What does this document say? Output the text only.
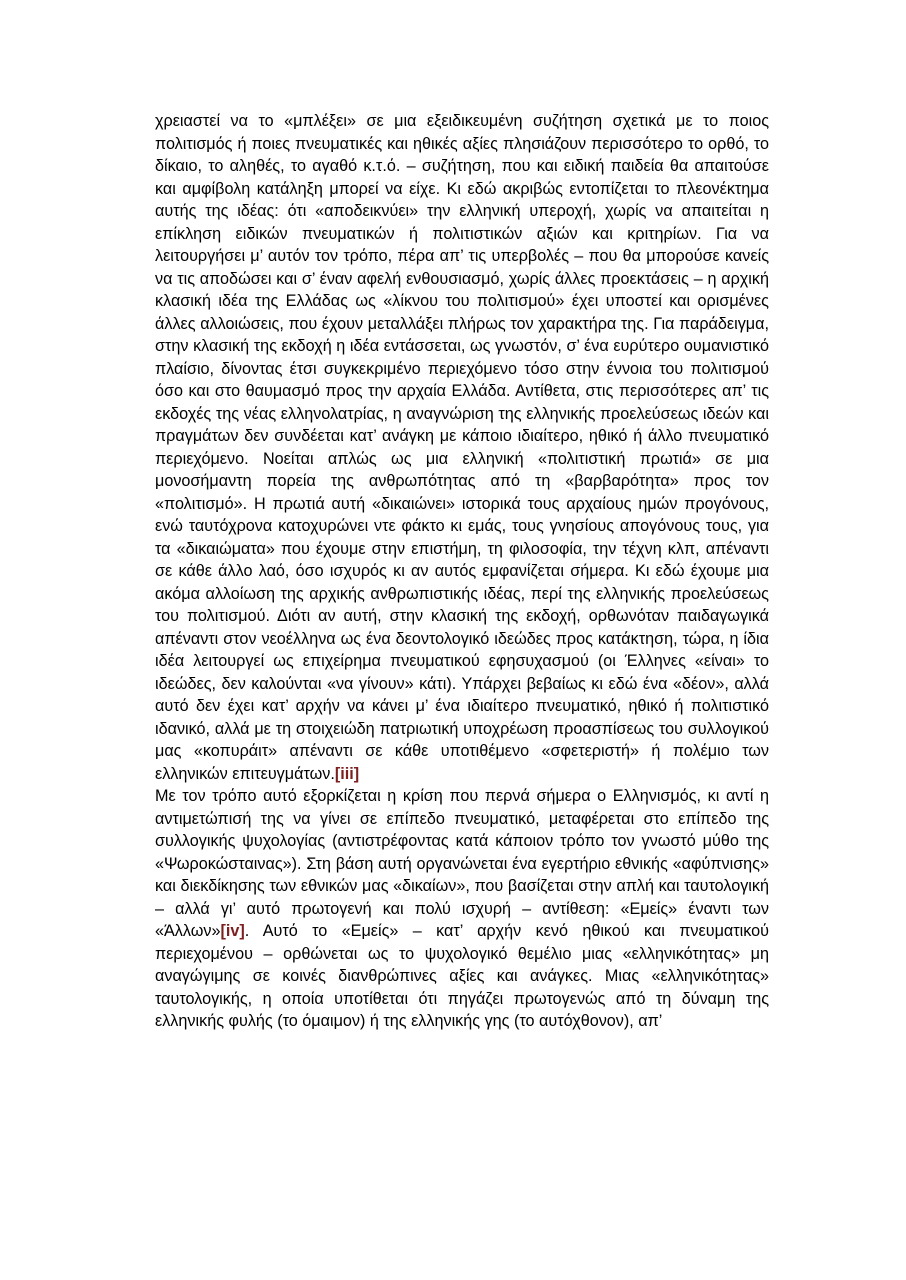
χρειαστεί να το «μπλέξει» σε μια εξειδικευμένη συζήτηση σχετικά με το ποιος πολιτισμός ή ποιες πνευματικές και ηθικές αξίες πλησιάζουν περισσότερο το ορθό, το δίκαιο, το αληθές, το αγαθό κ.τ.ό. – συζήτηση, που και ειδική παιδεία θα απαιτούσε και αμφίβολη κατάληξη μπορεί να είχε. Κι εδώ ακριβώς εντοπίζεται το πλεονέκτημα αυτής της ιδέας: ότι «αποδεικνύει» την ελληνική υπεροχή, χωρίς να απαιτείται η επίκληση ειδικών πνευματικών ή πολιτιστικών αξιών και κριτηρίων. Για να λειτουργήσει μ’ αυτόν τον τρόπο, πέρα απ’ τις υπερβολές – που θα μπορούσε κανείς να τις αποδώσει και σ’ έναν αφελή ενθουσιασμό, χωρίς άλλες προεκτάσεις – η αρχική κλασική ιδέα της Ελλάδας ως «λίκνου του πολιτισμού» έχει υποστεί και ορισμένες άλλες αλλοιώσεις, που έχουν μεταλλάξει πλήρως τον χαρακτήρα της. Για παράδειγμα, στην κλασική της εκδοχή η ιδέα εντάσσεται, ως γνωστόν, σ’ ένα ευρύτερο ουμανιστικό πλαίσιο, δίνοντας έτσι συγκεκριμένο περιεχόμενο τόσο στην έννοια του πολιτισμού όσο και στο θαυμασμό προς την αρχαία Ελλάδα. Αντίθετα, στις περισσότερες απ’ τις εκδοχές της νέας ελληνολατρίας, η αναγνώριση της ελληνικής προελεύσεως ιδεών και πραγμάτων δεν συνδέεται κατ’ ανάγκη με κάποιο ιδιαίτερο, ηθικό ή άλλο πνευματικό περιεχόμενο. Νοείται απλώς ως μια ελληνική «πολιτιστική πρωτιά» σε μια μονοσήμαντη πορεία της ανθρωπότητας από τη «βαρβαρότητα» προς τον «πολιτισμό». Η πρωτιά αυτή «δικαιώνει» ιστορικά τους αρχαίους ημών προγόνους, ενώ ταυτόχρονα κατοχυρώνει ντε φάκτο κι εμάς, τους γνησίους απογόνους τους, για τα «δικαιώματα» που έχουμε στην επιστήμη, τη φιλοσοφία, την τέχνη κλπ, απέναντι σε κάθε άλλο λαό, όσο ισχυρός κι αν αυτός εμφανίζεται σήμερα. Κι εδώ έχουμε μια ακόμα αλλοίωση της αρχικής ανθρωπιστικής ιδέας, περί της ελληνικής προελεύσεως του πολιτισμού. Διότι αν αυτή, στην κλασική της εκδοχή, ορθωνόταν παιδαγωγικά απέναντι στον νεοέλληνα ως ένα δεοντολογικό ιδεώδες προς κατάκτηση, τώρα, η ίδια ιδέα λειτουργεί ως επιχείρημα πνευματικού εφησυχασμού (οι Έλληνες «είναι» το ιδεώδες, δεν καλούνται «να γίνουν» κάτι). Υπάρχει βεβαίως κι εδώ ένα «δέον», αλλά αυτό δεν έχει κατ’ αρχήν να κάνει μ’ ένα ιδιαίτερο πνευματικό, ηθικό ή πολιτιστικό ιδανικό, αλλά με τη στοιχειώδη πατριωτική υποχρέωση προασπίσεως του συλλογικού μας «κοπυράιτ» απέναντι σε κάθε υποτιθέμενο «σφετεριστή» ή πολέμιο των ελληνικών επιτευγμάτων.[iii]

Με τον τρόπο αυτό εξορκίζεται η κρίση που περνά σήμερα ο Ελληνισμός, κι αντί η αντιμετώπισή της να γίνει σε επίπεδο πνευματικό, μεταφέρεται στο επίπεδο της συλλογικής ψυχολογίας (αντιστρέφοντας κατά κάποιον τρόπο τον γνωστό μύθο της «Ψωροκώσταινας»). Στη βάση αυτή οργανώνεται ένα εγερτήριο εθνικής «αφύπνισης» και διεκδίκησης των εθνικών μας «δικαίων», που βασίζεται στην απλή και ταυτολογική – αλλά γι’ αυτό πρωτογενή και πολύ ισχυρή – αντίθεση: «Εμείς» έναντι των «Άλλων»[iv]. Αυτό το «Εμείς» – κατ’ αρχήν κενό ηθικού και πνευματικού περιεχομένου – ορθώνεται ως το ψυχολογικό θεμέλιο μιας «ελληνικότητας» μη αναγώγιμης σε κοινές διανθρώπινες αξίες και ανάγκες. Μιας «ελληνικότητας» ταυτολογικής, η οποία υποτίθεται ότι πηγάζει πρωτογενώς από τη δύναμη της ελληνικής φυλής (το όμαιμον) ή της ελληνικής γης (το αυτόχθονον), απ’
